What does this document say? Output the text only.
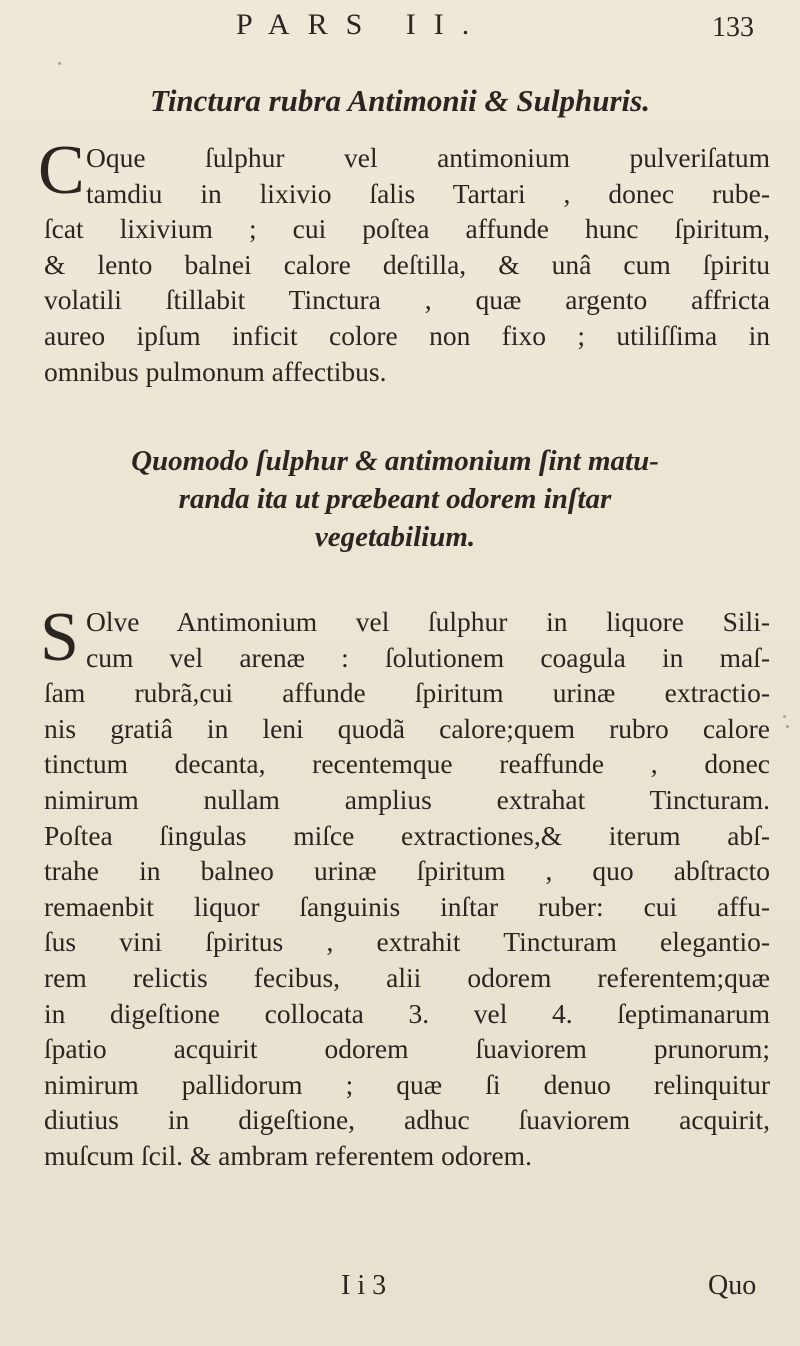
PARS II.	133
Tinctura rubra Antimonii & Sulphuris.
C Oque ſulphur vel antimonium pulveriſatum
tamdiu in lixivio ſalis Tartari , donec rube-
ſcat lixivium ; cui poſtea affunde hunc ſpiritum,
& lento balnei calore deſtilla, & unâ cum ſpiritu
volatili ſtillabit Tinctura , quæ argento affricta
aureo ipſum inficit colore non fixo ; utiliſſima in
omnibus pulmonum affectibus.
Quomodo ſulphur & antimonium ſint matu-
randa ita ut præbeant odorem inſtar
vegetabilium.
S Olve Antimonium vel ſulphur in liquore Sili-
cum vel arenæ : ſolutionem coagula in maſ-
ſam rubrã,cui affunde ſpiritum urinæ extractio-
nis gratiâ in leni quodã calore;quem rubro calore
tinctum decanta, recentemque reaffunde , donec
nimirum nullam amplius extrahat Tincturam.
Poſtea ſingulas miſce extractiones,& iterum abſ-
trahe in balneo urinæ ſpiritum , quo abſtracto
remaenbit liquor ſanguinis inſtar ruber: cui affu-
ſus vini ſpiritus , extrahit Tincturam elegantio-
rem relictis fecibus, alii odorem referentem;quæ
in digeſtione collocata 3. vel 4. ſeptimanarum
ſpatio acquirit odorem ſuaviorem prunorum;
nimirum pallidorum ; quæ ſi denuo relinquitur
diutius in digeſtione, adhuc ſuaviorem acquirit,
muſcum ſcil. & ambram referentem odorem.
I i 3	Quo
